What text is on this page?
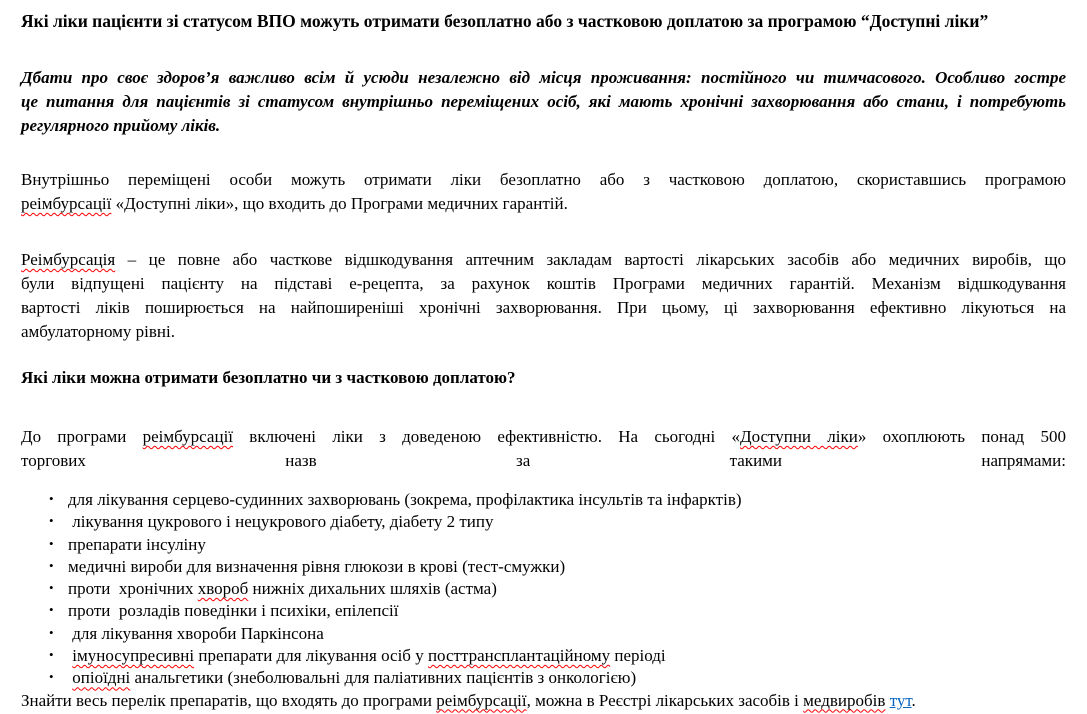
Які ліки пацієнти зі статусом ВПО можуть отримати безоплатно або з частковою доплатою за програмою “Доступні ліки”
Дбати про своє здоров’я важливо всім й усюди незалежно від місця проживання: постійного чи тимчасового. Особливо гостре
це питання для пацієнтів зі статусом внутрішньо переміщених осіб, які мають хронічні захворювання або стани, і потребують
регулярного прийому ліків.
Внутрішньо переміщені особи можуть отримати ліки безоплатно або з частковою доплатою, скориставшись програмою
реімбурсації «Доступні ліки», що входить до Програми медичних гарантій.
Реімбурсація – це повне або часткове відшкодування аптечним закладам вартості лікарських засобів або медичних виробів, що
були відпущені пацієнту на підставі е-рецепта, за рахунок коштів Програми медичних гарантій. Механізм відшкодування
вартості ліків поширюється на найпоширеніші хронічні захворювання. При цьому, ці захворювання ефективно лікуються на
амбулаторному рівні.
Які ліки можна отримати безоплатно чи з частковою доплатою?
До програми реімбурсації включені ліки з доведеною ефективністю. На сьогодні «Доступни ліки» охоплюють понад 500
торгових назв за такими напрямами:
• для лікування серцево-судинних захворювань (зокрема, профілактика інсультів та інфарктів)
• лікування цукрового і нецукрового діабету, діабету 2 типу
• препарати інсуліну
• медичні вироби для визначення рівня глюкози в крові (тест-смужки)
• проти  хронічних хвороб нижніх дихальних шляхів (астма)
• проти  розладів поведінки і психіки, епілепсії
• для лікування хвороби Паркінсона
• імуносупресивні препарати для лікування осіб у посттрансплантаційному періоді
• опіоїдні анальгетики (знеболювальні для паліативних пацієнтів з онкологією)
Знайти весь перелік препаратів, що входять до програми реімбурсації, можна в Реєстрі лікарських засобів і медвиробів тут.
